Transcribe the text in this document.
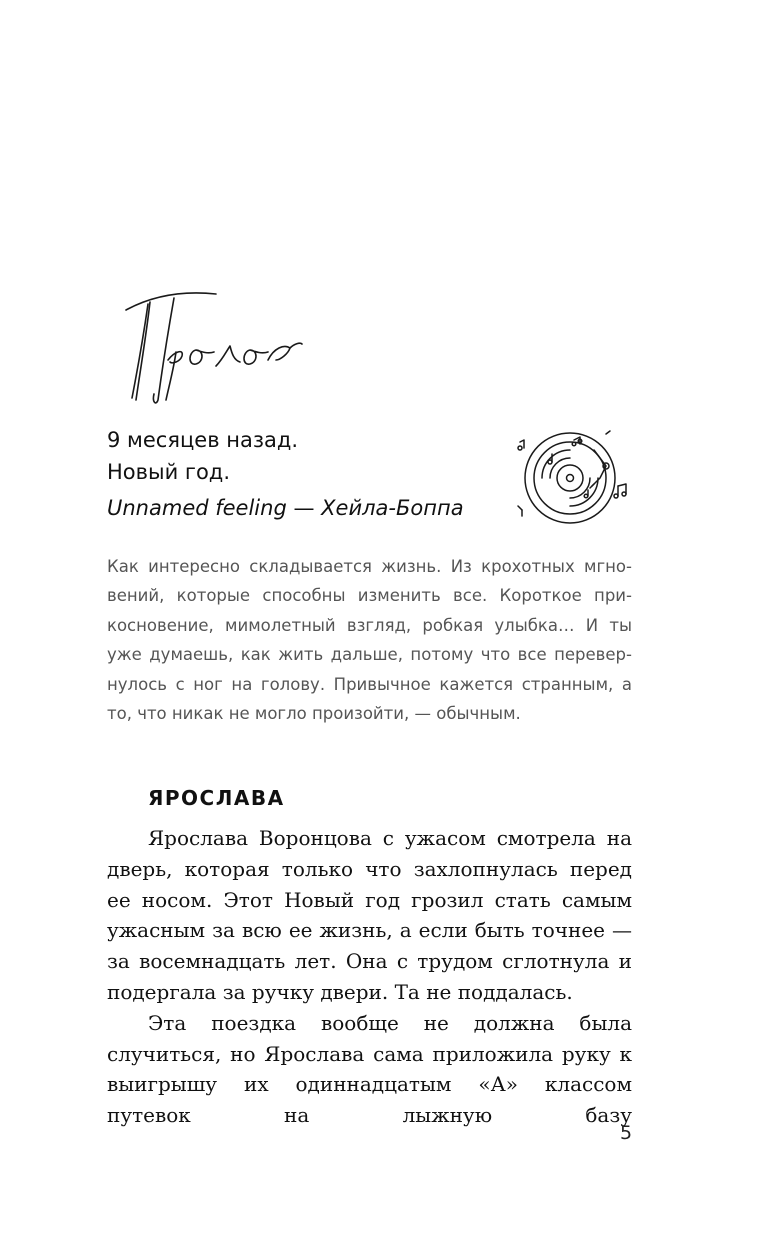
9 месяцев назад.
Новый год.
Unnamed feeling — Хейла-Боппа

Как интересно складывается жизнь. Из крохотных мгновений, которые способны изменить все. Короткое прикосновение, мимолетный взгляд, робкая улыбка… И ты уже думаешь, как жить дальше, потому что все перевернулось с ног на голову. Привычное кажется странным, а то, что никак не могло произойти, — обычным.

ЯРОСЛАВА

Ярослава Воронцова с ужасом смотрела на дверь, которая только что захлопнулась перед ее носом. Этот Новый год грозил стать самым ужасным за всю ее жизнь, а если быть точнее — за восемнадцать лет. Она с трудом сглотнула и подергала за ручку двери. Та не поддалась.

Эта поездка вообще не должна была случиться, но Ярослава сама приложила руку к выигрышу их одиннадцатым «А» классом путевок на лыжную базу

5
